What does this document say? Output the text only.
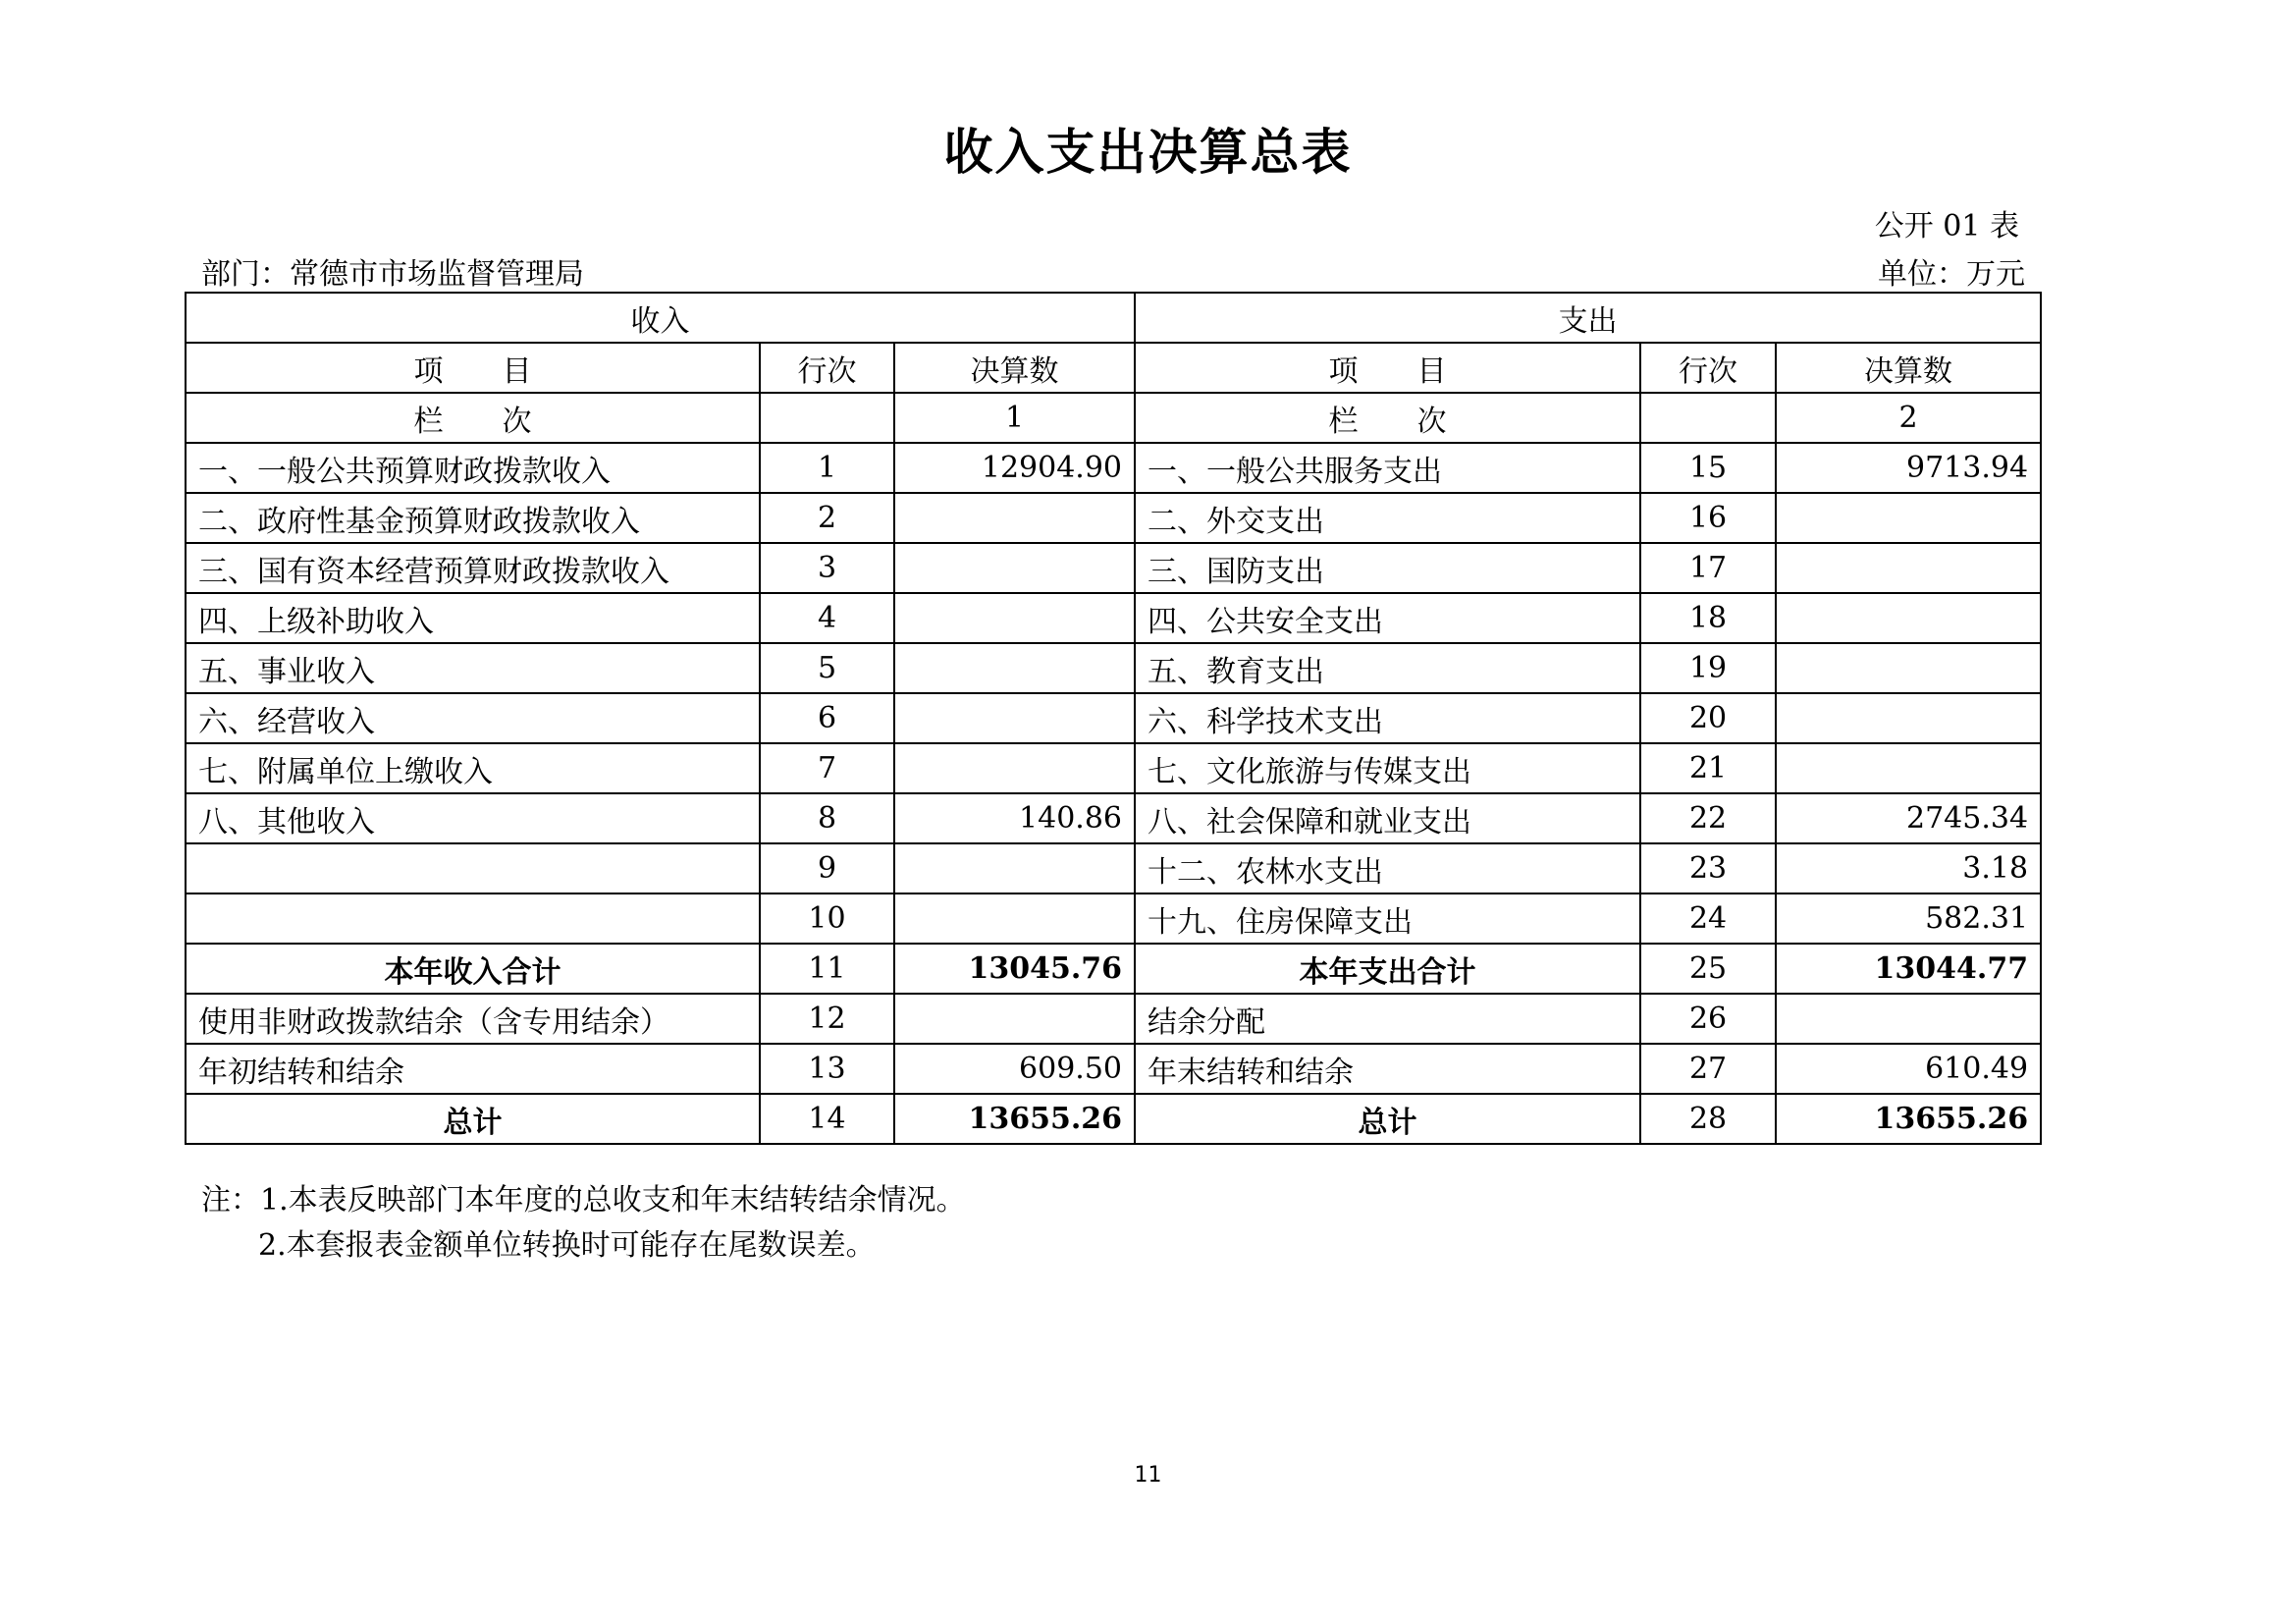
收入支出决算总表
公开 01 表
部门：常德市市场监督管理局	单位：万元
收入			支出		
项　　目	行次	决算数	项　　目	行次	决算数
栏　　次		1	栏　　次		2
一、一般公共预算财政拨款收入	1	12904.90	一、一般公共服务支出	15	9713.94
二、政府性基金预算财政拨款收入	2		二、外交支出	16	
三、国有资本经营预算财政拨款收入	3		三、国防支出	17	
四、上级补助收入	4		四、公共安全支出	18	
五、事业收入	5		五、教育支出	19	
六、经营收入	6		六、科学技术支出	20	
七、附属单位上缴收入	7		七、文化旅游与传媒支出	21	
八、其他收入	8	140.86	八、社会保障和就业支出	22	2745.34
	9		十二、农林水支出	23	3.18
	10		十九、住房保障支出	24	582.31
本年收入合计	11	13045.76	本年支出合计	25	13044.77
使用非财政拨款结余（含专用结余）	12		结余分配	26	
年初结转和结余	13	609.50	年末结转和结余	27	610.49
总计	14	13655.26	总计	28	13655.26
注：1.本表反映部门本年度的总收支和年末结转结余情况。
2.本套报表金额单位转换时可能存在尾数误差。
11
